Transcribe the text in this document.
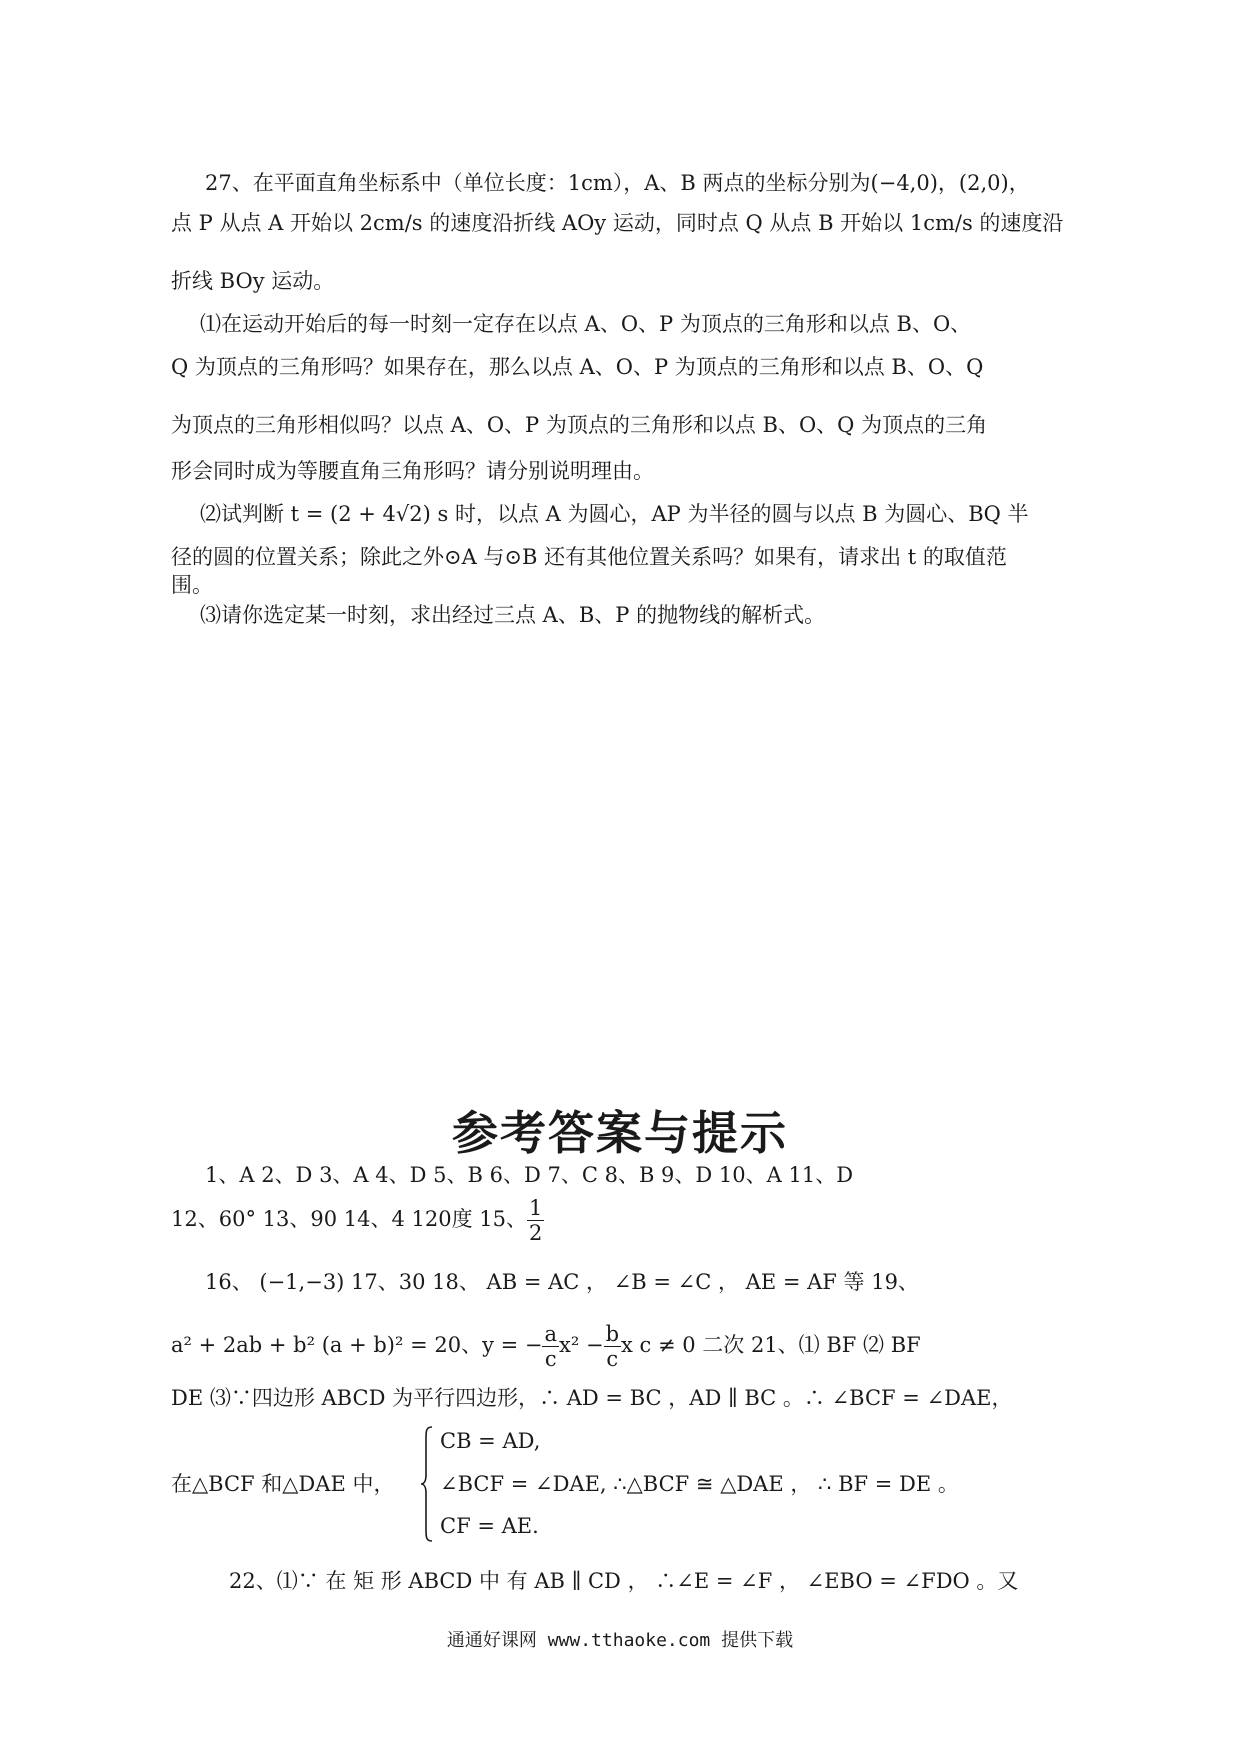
27、在平面直角坐标系中（单位长度：1cm），A、B 两点的坐标分别为(−4,0)，(2,0)，
点 P 从点 A 开始以 2cm/s 的速度沿折线 AOy 运动，同时点 Q 从点 B 开始以 1cm/s 的速度沿
折线 BOy 运动。
⑴在运动开始后的每一时刻一定存在以点 A、O、P 为顶点的三角形和以点 B、O、
Q 为顶点的三角形吗？如果存在，那么以点 A、O、P 为顶点的三角形和以点 B、O、Q
为顶点的三角形相似吗？以点 A、O、P 为顶点的三角形和以点 B、O、Q 为顶点的三角
形会同时成为等腰直角三角形吗？请分别说明理由。
⑵试判断 t = (2 + 4√2) s 时，以点 A 为圆心，AP 为半径的圆与以点 B 为圆心、BQ 半
径的圆的位置关系；除此之外⊙A 与⊙B 还有其他位置关系吗？如果有，请求出 t 的取值范
围。
⑶请你选定某一时刻，求出经过三点 A、B、P 的抛物线的解析式。
参考答案与提示
1、A 2、D 3、A 4、D 5、B 6、D 7、C 8、B 9、D 10、A 11、D
12、60° 13、90 14、4 120度 15、 $\frac{1}{2}$
16、 (−1,−3) 17、30 18、 AB = AC ， ∠B = ∠C ， AE = AF 等 19、
a² + 2ab + b² (a + b)² = 20、y = − $\frac{a}{c} x^2 - \frac{b}{c}$ x c ≠ 0 二次 21、⑴ BF ⑵ BF
DE ⑶∵四边形 ABCD 为平行四边形，∴ AD = BC ，AD ∥ BC 。∴ ∠BCF = ∠DAE，
在△BCF 和△DAE 中，
CB = AD,
∠BCF = ∠DAE, ∴△BCF ≅ △DAE ， ∴ BF = DE 。
CF = AE.
22、⑴∵ 在 矩 形 ABCD 中 有 AB ∥ CD ， ∴∠E = ∠F ， ∠EBO = ∠FDO 。又
通通好课网 www.tthaoke.com 提供下载
